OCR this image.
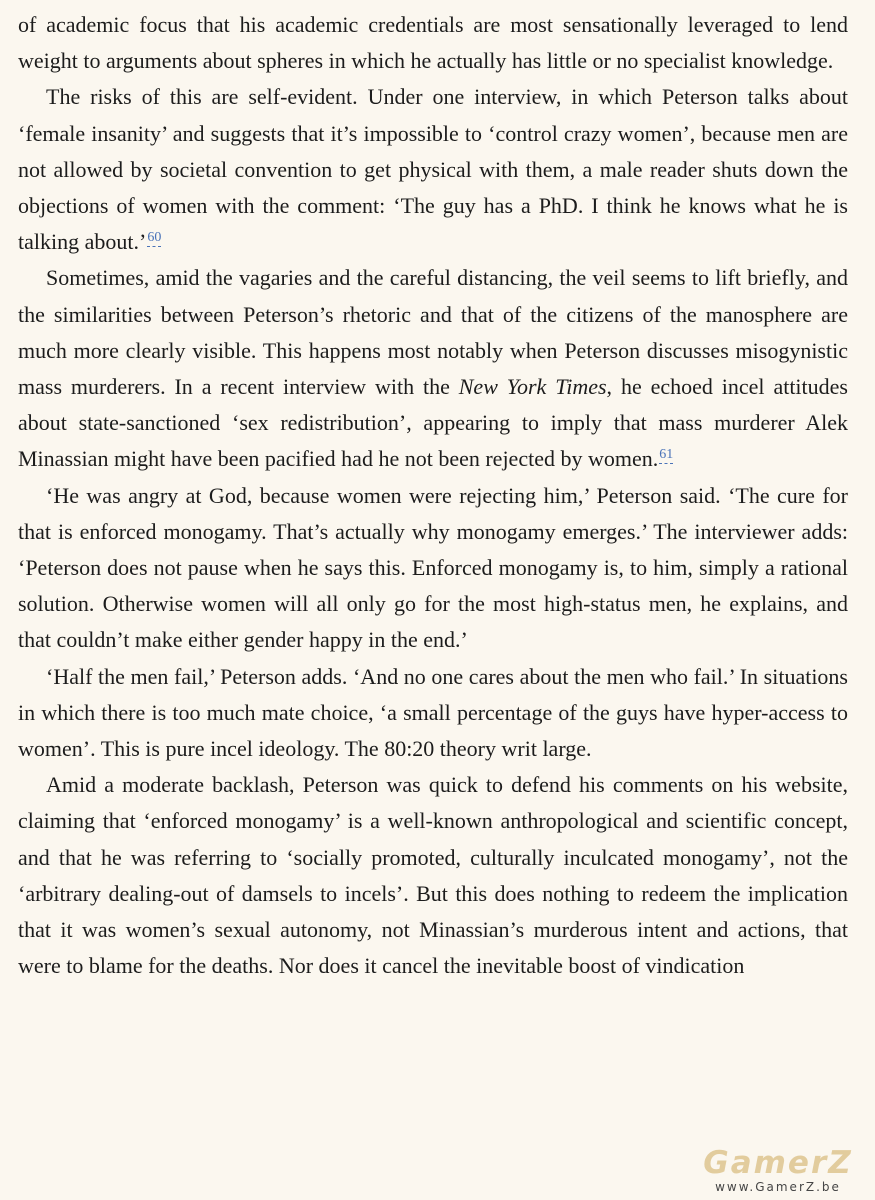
of academic focus that his academic credentials are most sensationally leveraged to lend weight to arguments about spheres in which he actually has little or no specialist knowledge.

The risks of this are self-evident. Under one interview, in which Peterson talks about ‘female insanity’ and suggests that it’s impossible to ‘control crazy women’, because men are not allowed by societal convention to get physical with them, a male reader shuts down the objections of women with the comment: ‘The guy has a PhD. I think he knows what he is talking about.’$^{60}$

Sometimes, amid the vagaries and the careful distancing, the veil seems to lift briefly, and the similarities between Peterson’s rhetoric and that of the citizens of the manosphere are much more clearly visible. This happens most notably when Peterson discusses misogynistic mass murderers. In a recent interview with the New York Times, he echoed incel attitudes about state-sanctioned ‘sex redistribution’, appearing to imply that mass murderer Alek Minassian might have been pacified had he not been rejected by women.$^{61}$

‘He was angry at God, because women were rejecting him,’ Peterson said. ‘The cure for that is enforced monogamy. That’s actually why monogamy emerges.’ The interviewer adds: ‘Peterson does not pause when he says this. Enforced monogamy is, to him, simply a rational solution. Otherwise women will all only go for the most high-status men, he explains, and that couldn’t make either gender happy in the end.’

‘Half the men fail,’ Peterson adds. ‘And no one cares about the men who fail.’ In situations in which there is too much mate choice, ‘a small percentage of the guys have hyper-access to women’. This is pure incel ideology. The 80:20 theory writ large.

Amid a moderate backlash, Peterson was quick to defend his comments on his website, claiming that ‘enforced monogamy’ is a well-known anthropological and scientific concept, and that he was referring to ‘socially promoted, culturally inculcated monogamy’, not the ‘arbitrary dealing-out of damsels to incels’. But this does nothing to redeem the implication that it was women’s sexual autonomy, not Minassian’s murderous intent and actions, that were to blame for the deaths. Nor does it cancel the inevitable boost of vindication

GamerZ
www.GamerZ.be
